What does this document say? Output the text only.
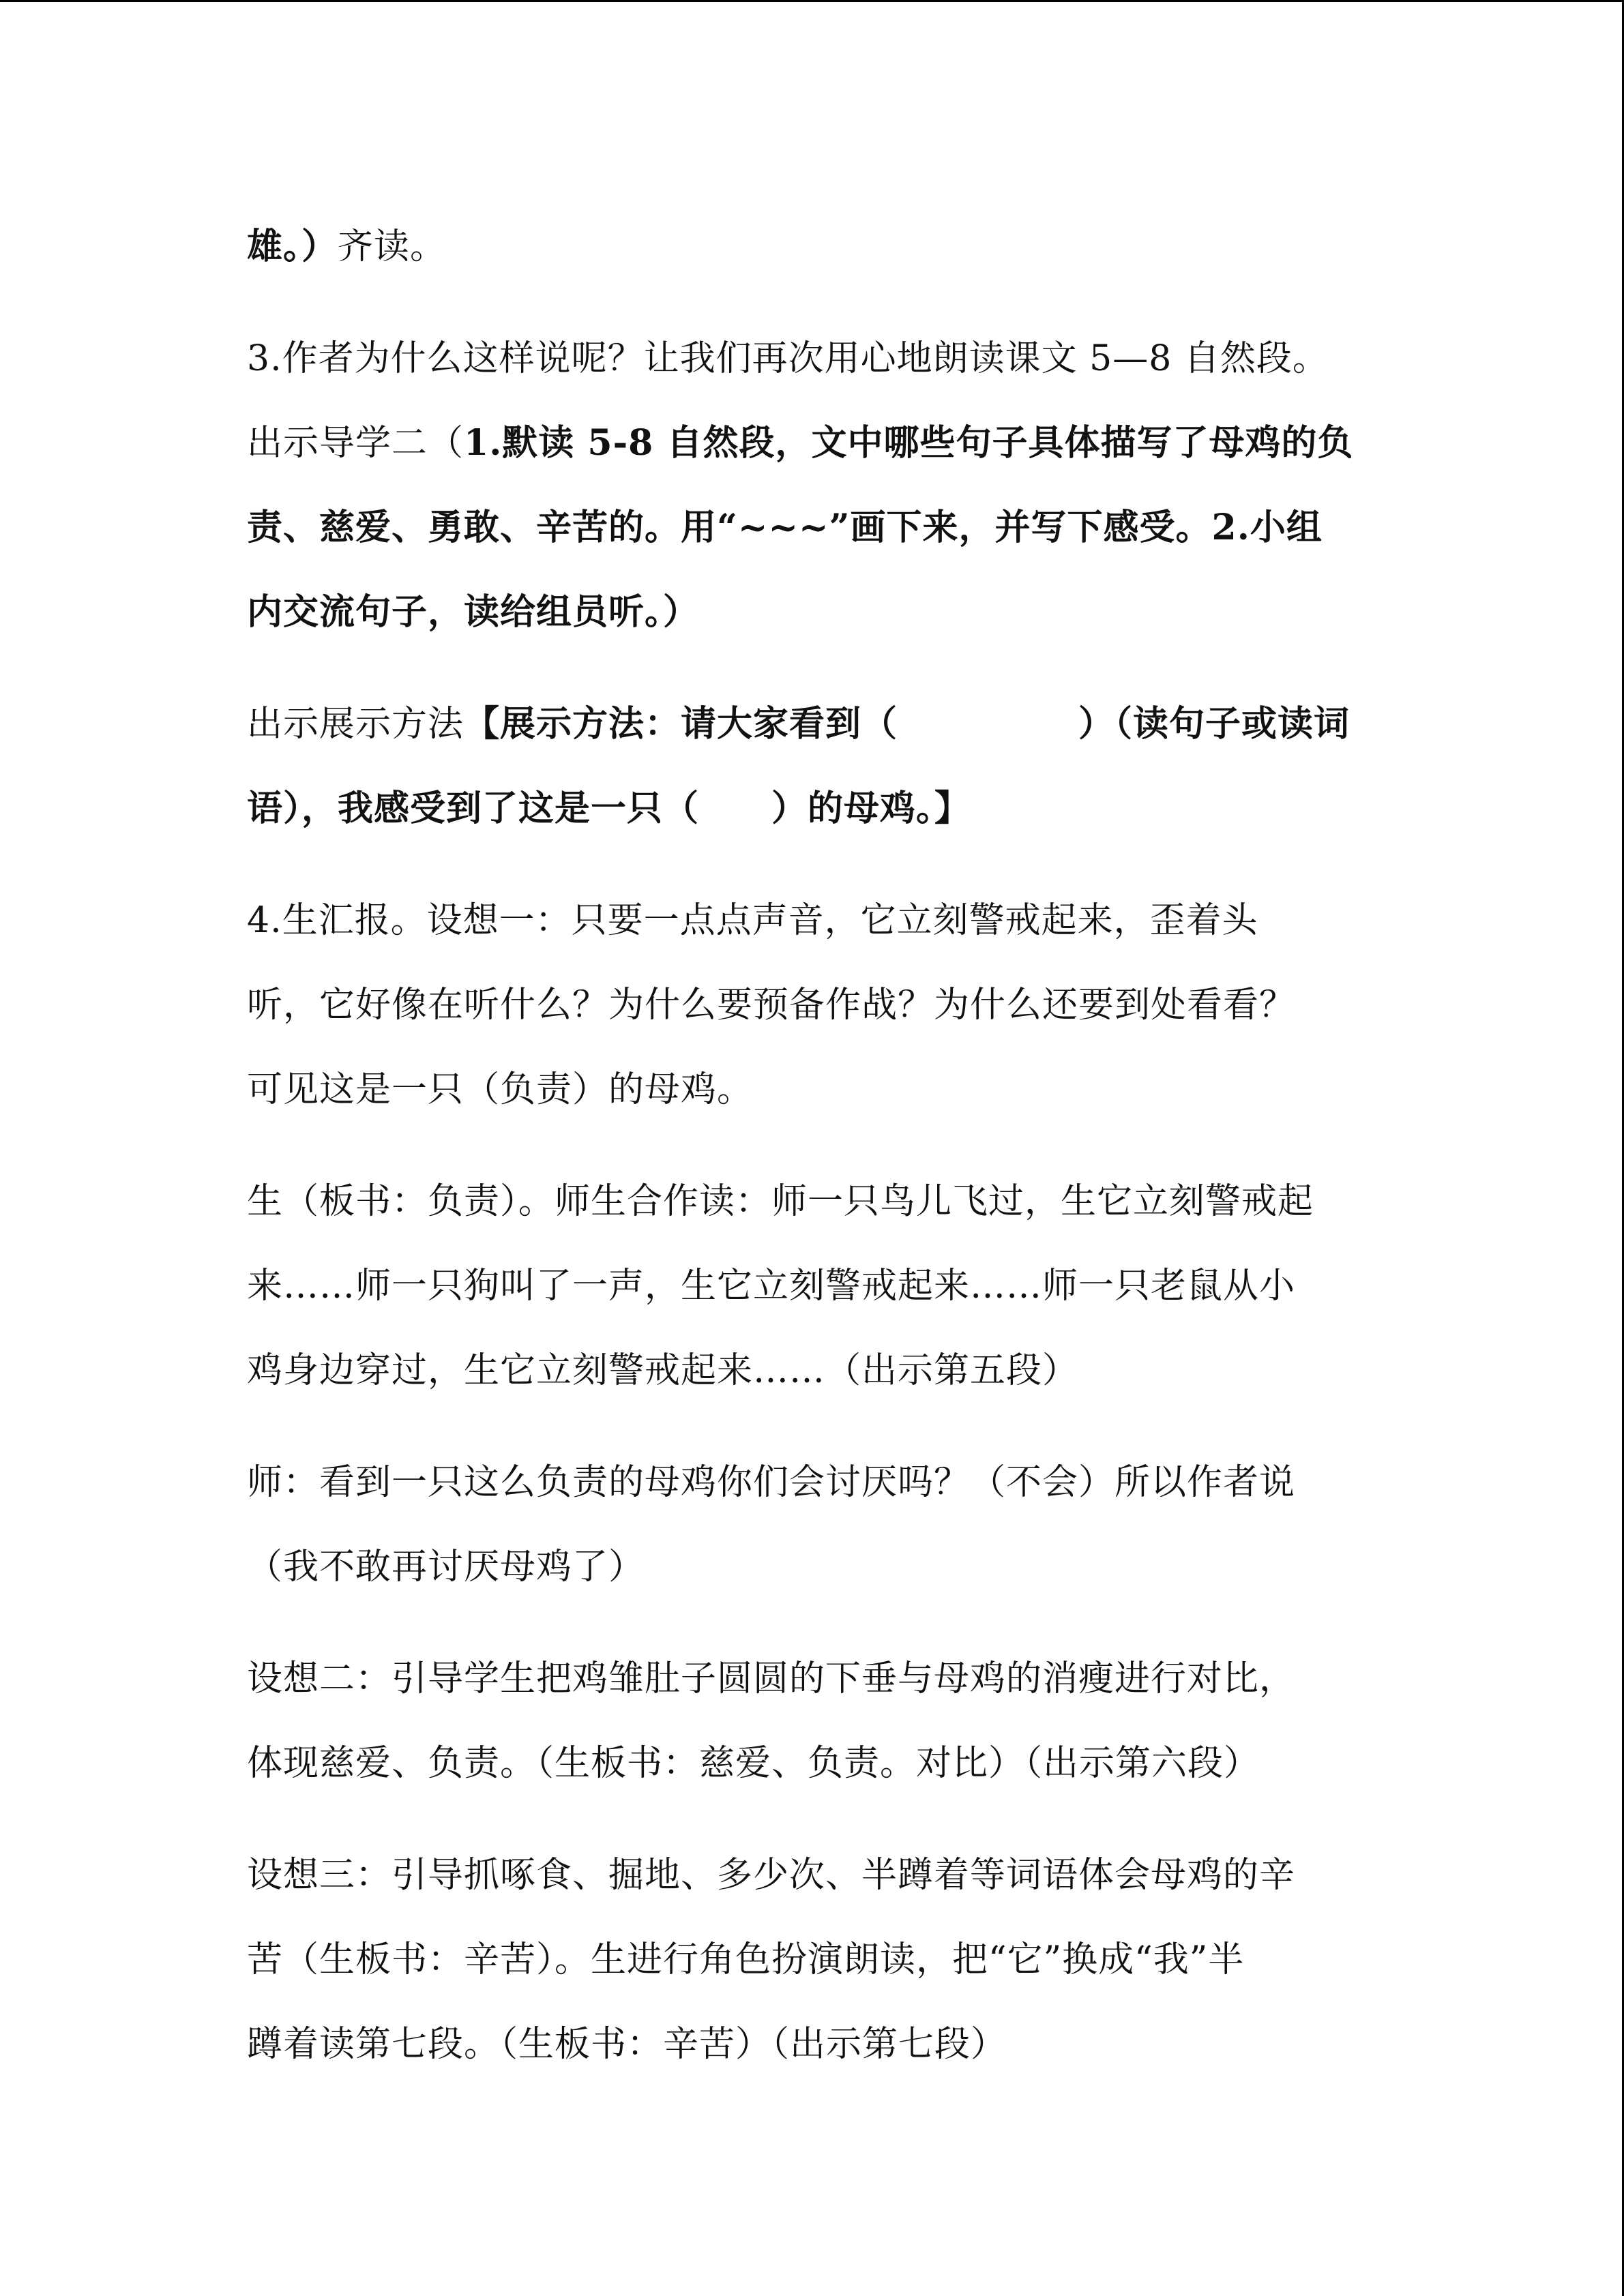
雄。）齐读。
3.作者为什么这样说呢？让我们再次用心地朗读课文 5—8 自然段。
出示导学二（1.默读 5-8 自然段，文中哪些句子具体描写了母鸡的负
责、慈爱、勇敢、辛苦的。用“~~~”画下来，并写下感受。2.小组
内交流句子，读给组员听。）
出示展示方法【展示方法：请大家看到（　　　　　）（读句子或读词
语），我感受到了这是一只（　　）的母鸡。】
4.生汇报。设想一：只要一点点声音，它立刻警戒起来，歪着头
听，它好像在听什么？为什么要预备作战？为什么还要到处看看？
可见这是一只（负责）的母鸡。
生（板书：负责）。师生合作读：师一只鸟儿飞过，生它立刻警戒起
来……师一只狗叫了一声，生它立刻警戒起来……师一只老鼠从小
鸡身边穿过，生它立刻警戒起来……（出示第五段）
师：看到一只这么负责的母鸡你们会讨厌吗？（不会）所以作者说
（我不敢再讨厌母鸡了）
设想二：引导学生把鸡雏肚子圆圆的下垂与母鸡的消瘦进行对比，
体现慈爱、负责。（生板书：慈爱、负责。对比）（出示第六段）
设想三：引导抓啄食、掘地、多少次、半蹲着等词语体会母鸡的辛
苦（生板书：辛苦）。生进行角色扮演朗读，把“它”换成“我”半
蹲着读第七段。（生板书：辛苦）（出示第七段）
